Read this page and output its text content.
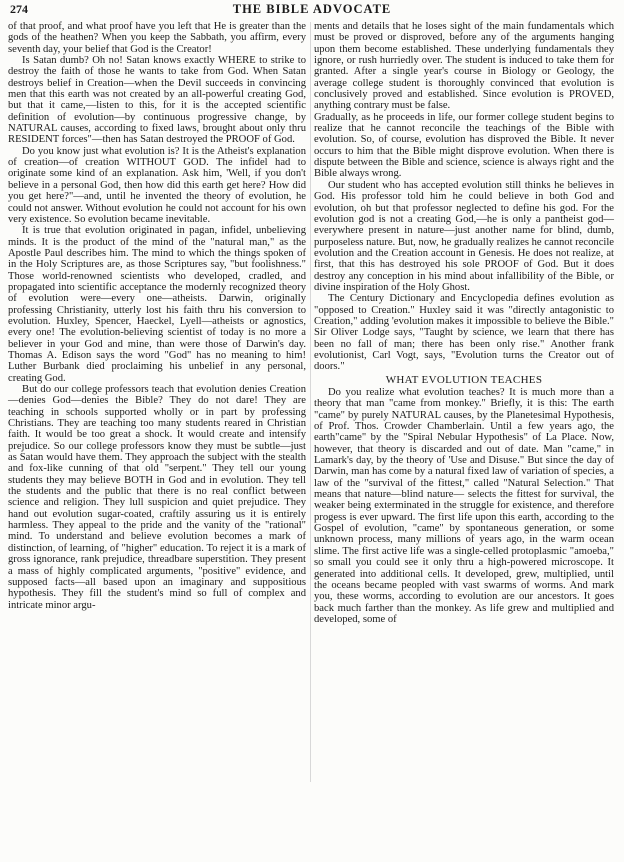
274	THE BIBLE ADVOCATE

of that proof, and what proof have you left that He is greater than the gods of the heathen? When you keep the Sabbath, you affirm, every seventh day, your belief that God is the Creator!

Is Satan dumb? Oh no! Satan knows exactly WHERE to strike to destroy the faith of those he wants to take from God. When Satan destroys belief in Creation—when the Devil succeeds in convincing men that this earth was not created by an all-powerful creating God, but that it came,—listen to this, for it is the accepted scientific definition of evolution—by continuous progressive change, by NATURAL causes, according to fixed laws, brought about only thru RESIDENT forces"—then has Satan destroyed the PROOF of God.

Do you know just what evolution is? It is the Atheist's explanation of creation—of creation WITHOUT GOD. The infidel had to originate some kind of an explanation. Ask him, 'Well, if you don't believe in a personal God, then how did this earth get here? How did you get here?"—and, until he invented the theory of evolution, he could not answer. Without evolution he could not account for his own very existence. So evolution became inevitable.

It is true that evolution originated in pagan, infidel, unbelieving minds. It is the product of the mind of the "natural man," as the Apostle Paul describes him. The mind to which the things spoken of in the Holy Scriptures are, as those Scriptures say, "but foolishness." Those world-renowned scientists who developed, cradled, and propagated into scientific acceptance the modernly recognized theory of evolution were—every one—atheists. Darwin, originally professing Christianity, utterly lost his faith thru his conversion to evolution. Huxley, Spencer, Haeckel, Lyell—atheists or agnostics, every one! The evolution-believing scientist of today is no more a believer in your God and mine, than were those of Darwin's day. Thomas A. Edison says the word "God" has no meaning to him! Luther Burbank died proclaiming his unbelief in any personal, creating God.

But do our college professors teach that evolution denies Creation—denies God—denies the Bible? They do not dare! They are teaching in schools supported wholly or in part by professing Christians. They are teaching too many students reared in Christian faith. It would be too great a shock. It would create and intensify prejudice. So our college professors know they must be subtle—just as Satan would have them. They approach the subject with the stealth and fox-like cunning of that old "serpent." They tell our young students they may believe BOTH in God and in evolution. They tell the students and the public that there is no real conflict between science and religion. They lull suspicion and quiet prejudice. They hand out evolution sugar-coated, craftily assuring us it is entirely harmless. They appeal to the pride and the vanity of the "rational" mind. To understand and believe evolution becomes a mark of distinction, of learning, of "higher" education. To reject it is a mark of gross ignorance, rank prejudice, threadbare superstition. They present a mass of highly complicated arguments, "positive" evidence, and supposed facts—all based upon an imaginary and suppositious hypothesis. They fill the student's mind so full of complex and intricate minor argu-

ments and details that he loses sight of the main fundamentals which must be proved or disproved, before any of the arguments hanging upon them become established. These underlying fundamentals they ignore, or rush hurriedly over. The student is induced to take them for granted. After a single year's course in Biology or Geology, the average college student is thoroughly convinced that evolution is conclusively proved and established. Since evolution is PROVED, anything contrary must be false.

Gradually, as he proceeds in life, our former college student begins to realize that he cannot reconcile the teachings of the Bible with evolution. So, of course, evolution has disproved the Bible. It never occurs to him that the Bible might disprove evolution. When there is dispute between the Bible and science, science is always right and the Bible always wrong.

Our student who has accepted evolution still thinks he believes in God. His professor told him he could believe in both God and evolution, oh but that professor neglected to define his god. For the evolution god is not a creating God,—he is only a pantheist god—everywhere present in nature—just another name for blind, dumb, purposeless nature. But, now, he gradually realizes he cannot reconcile evolution and the Creation account in Genesis. He does not realize, at first, that this has destroyed his sole PROOF of God. But it does destroy any conception in his mind about infallibility of the Bible, or divine inspiration of the Holy Ghost.

The Century Dictionary and Encyclopedia defines evolution as "opposed to Creation." Huxley said it was "directly antagonistic to Creation," adding 'evolution makes it impossible to believe the Bible." Sir Oliver Lodge says, "Taught by science, we learn that there has been no fall of man; there has been only rise." Another frank evolutionist, Carl Vogt, says, "Evolution turns the Creator out of doors."

WHAT EVOLUTION TEACHES

Do you realize what evolution teaches? It is much more than a theory that man "came from monkey." Briefly, it is this: The earth "came" by purely NATURAL causes, by the Planetesimal Hypothesis, of Prof. Thos. Crowder Chamberlain. Until a few years ago, the earth"came" by the "Spiral Nebular Hypothesis" of La Place. Now, however, that theory is discarded and out of date. Man "came," in Lamark's day, by the theory of 'Use and Disuse." But since the day of Darwin, man has come by a natural fixed law of variation of species, a law of the "survival of the fittest," called "Natural Selection." That means that nature—blind nature— selects the fittest for survival, the weaker being exterminated in the struggle for existence, and therefore progess is ever upward. The first life upon this earth, according to the Gospel of evolution, "came" by spontaneous generation, or some unknown process, many millions of years ago, in the warm ocean slime. The first active life was a single-celled protoplasmic "amoeba," so small you could see it only thru a high-powered microscope. It generated into additional cells. It developed, grew, multiplied, until the oceans became peopled with vast swarms of worms. And mark you, these worms, according to evolution are our ancestors. It goes back much farther than the monkey. As life grew and multiplied and developed, some of
